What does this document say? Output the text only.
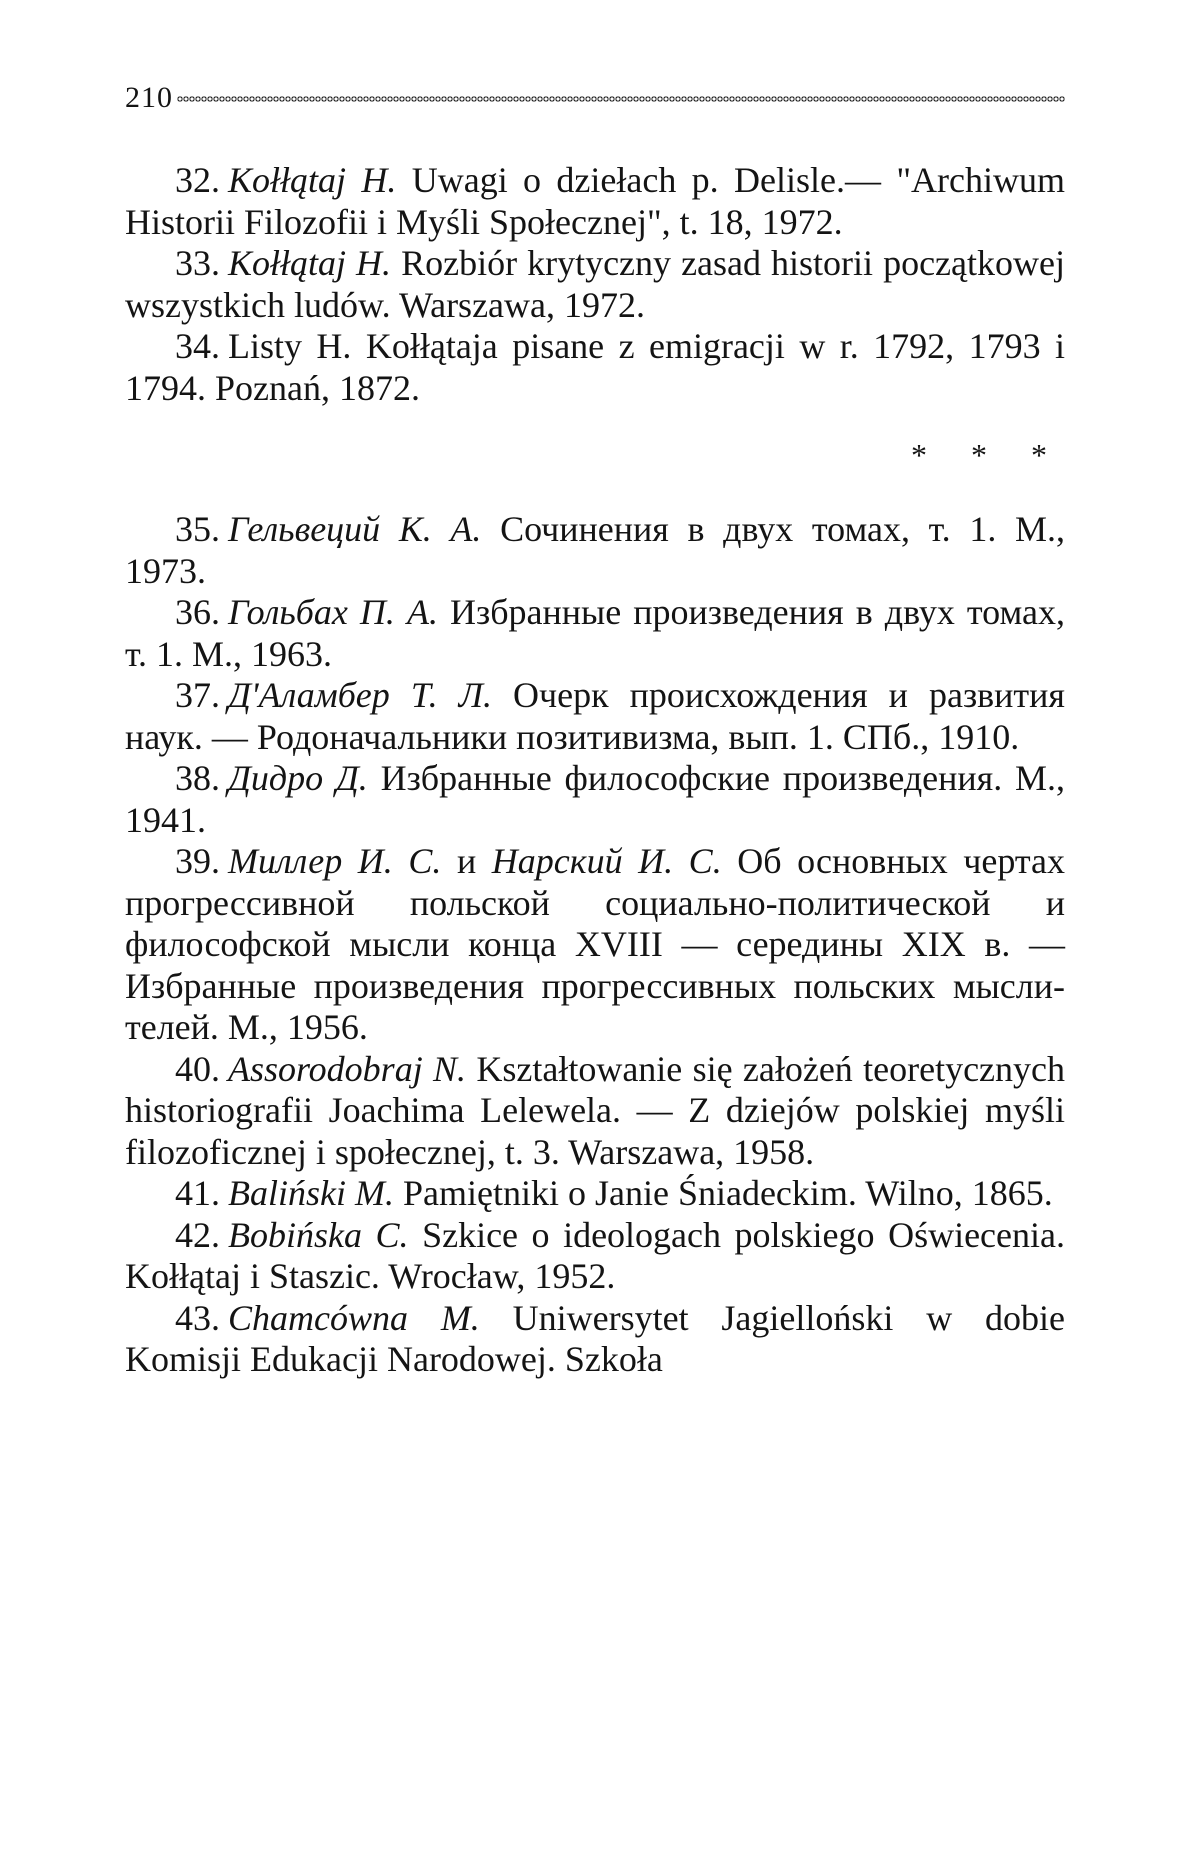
210

32. Kołłątaj H. Uwagi o dziełach p. Delisle.— "Archiwum Historii Filozofii i Myśli Społecznej", t. 18, 1972.

33. Kołłątaj H. Rozbiór krytyczny zasad historii początkowej wszystkich ludów. Warszawa, 1972.

34. Listy H. Kołłątaja pisane z emigracji w r. 1792, 1793 i 1794. Poznań, 1872.

* * *

35. Гельвеций К. А. Сочинения в двух томах, т. 1. М., 1973.

36. Гольбах П. А. Избранные произведения в двух томах, т. 1. М., 1963.

37. Д'Аламбер Т. Л. Очерк происхождения и развития наук. — Родоначальники позитивизма, вып. 1. СПб., 1910.

38. Дидро Д. Избранные философские произведения. М., 1941.

39. Миллер И. С. и Нарский И. С. Об основных чертах прогрессивной польской социально-политической и философской мысли конца XVIII — середины XIX в. — Избранные произведения прогрессивных польских мыслителей. М., 1956.

40. Assorodobraj N. Kształtowanie się założeń teoretycznych historiografii Joachima Lelewela. — Z dziejów polskiej myśli filozoficznej i społecznej, t. 3. Warszawa, 1958.

41. Baliński M. Pamiętniki o Janie Śniadeckim. Wilno, 1865.

42. Bobińska C. Szkice o ideologach polskiego Oświecenia. Kołłątaj i Staszic. Wrocław, 1952.

43. Chamcówna M. Uniwersytet Jagielloński w dobie Komisji Edukacji Narodowej. Szkoła
